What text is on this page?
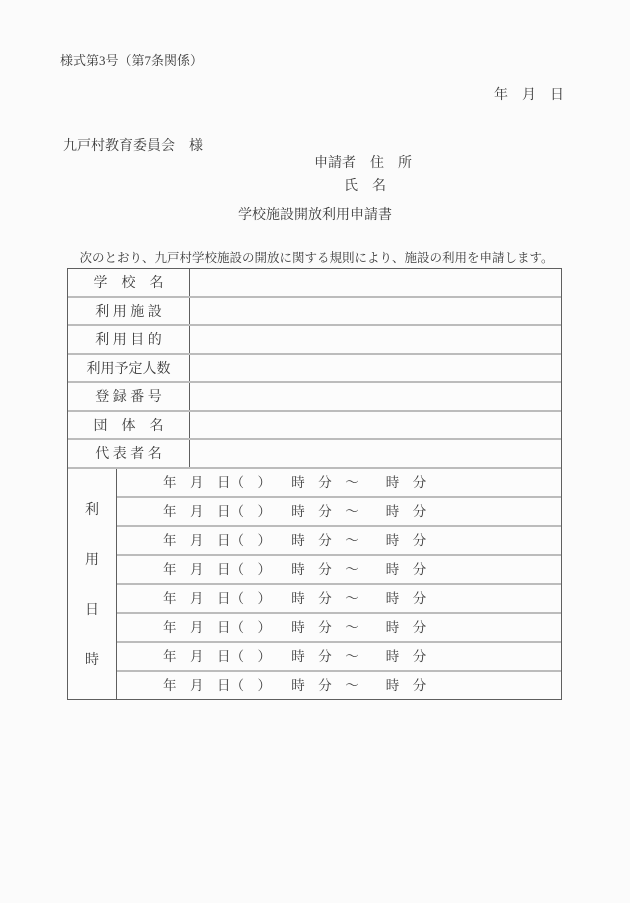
様式第3号（第7条関係）
年　月　日
九戸村教育委員会　様
申請者　住　所
氏　名
学校施設開放利用申請書
　次のとおり、九戸村学校施設の開放に関する規則により、施設の利用を申請します。
学　校　名
利 用 施 設
利 用 目 的
利用予定人数
登 録 番 号
団　体　名
代 表 者 名
利
用
日
時
年　月　日（　）　　時　分　～　　時　分
年　月　日（　）　　時　分　～　　時　分
年　月　日（　）　　時　分　～　　時　分
年　月　日（　）　　時　分　～　　時　分
年　月　日（　）　　時　分　～　　時　分
年　月　日（　）　　時　分　～　　時　分
年　月　日（　）　　時　分　～　　時　分
年　月　日（　）　　時　分　～　　時　分
